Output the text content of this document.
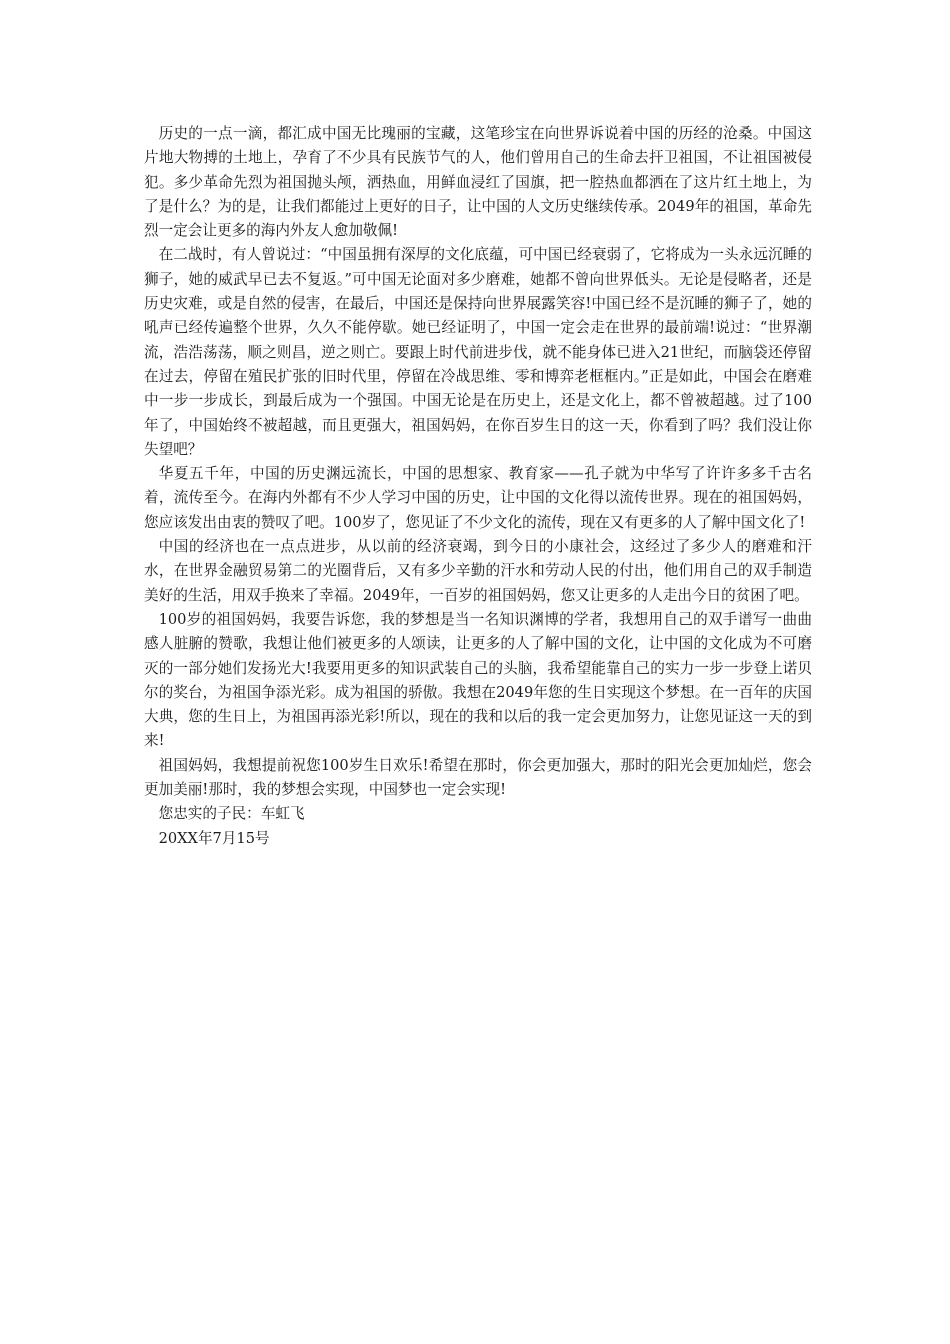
历史的一点一滴，都汇成中国无比瑰丽的宝藏，这笔珍宝在向世界诉说着中国的历经的沧桑。中国这片地大物搏的土地上，孕育了不少具有民族节气的人，他们曾用自己的生命去扞卫祖国，不让祖国被侵犯。多少革命先烈为祖国抛头颅，洒热血，用鲜血浸红了国旗，把一腔热血都洒在了这片红土地上，为了是什么？为的是，让我们都能过上更好的日子，让中国的人文历史继续传承。2049年的祖国，革命先烈一定会让更多的海内外友人愈加敬佩!

在二战时，有人曾说过：“中国虽拥有深厚的文化底蕴，可中国已经衰弱了，它将成为一头永远沉睡的狮子，她的威武早已去不复返。”可中国无论面对多少磨难，她都不曾向世界低头。无论是侵略者，还是历史灾难，或是自然的侵害，在最后，中国还是保持向世界展露笑容!中国已经不是沉睡的狮子了，她的吼声已经传遍整个世界，久久不能停歇。她已经证明了，中国一定会走在世界的最前端!说过：“世界潮流，浩浩荡荡，顺之则昌，逆之则亡。要跟上时代前进步伐，就不能身体已进入21世纪，而脑袋还停留在过去，停留在殖民扩张的旧时代里，停留在冷战思维、零和博弈老框框内。”正是如此，中国会在磨难中一步一步成长，到最后成为一个强国。中国无论是在历史上，还是文化上，都不曾被超越。过了100年了，中国始终不被超越，而且更强大，祖国妈妈，在你百岁生日的这一天，你看到了吗？我们没让你失望吧？

华夏五千年，中国的历史渊远流长，中国的思想家、教育家——孔子就为中华写了许许多多千古名着，流传至今。在海内外都有不少人学习中国的历史，让中国的文化得以流传世界。现在的祖国妈妈，您应该发出由衷的赞叹了吧。100岁了，您见证了不少文化的流传，现在又有更多的人了解中国文化了!

中国的经济也在一点点进步，从以前的经济衰竭，到今日的小康社会，这经过了多少人的磨难和汗水，在世界金融贸易第二的光圈背后，又有多少辛勤的汗水和劳动人民的付出，他们用自己的双手制造美好的生活，用双手换来了幸福。2049年，一百岁的祖国妈妈，您又让更多的人走出今日的贫困了吧。

100岁的祖国妈妈，我要告诉您，我的梦想是当一名知识渊博的学者，我想用自己的双手谱写一曲曲感人脏腑的赞歌，我想让他们被更多的人颂读，让更多的人了解中国的文化，让中国的文化成为不可磨灭的一部分她们发扬光大!我要用更多的知识武装自己的头脑，我希望能靠自己的实力一步一步登上诺贝尔的奖台，为祖国争添光彩。成为祖国的骄傲。我想在2049年您的生日实现这个梦想。在一百年的庆国大典，您的生日上，为祖国再添光彩!所以，现在的我和以后的我一定会更加努力，让您见证这一天的到来!

祖国妈妈，我想提前祝您100岁生日欢乐!希望在那时，你会更加强大，那时的阳光会更加灿烂，您会更加美丽!那时，我的梦想会实现，中国梦也一定会实现!

您忠实的子民：车虹飞

20XX年7月15号
